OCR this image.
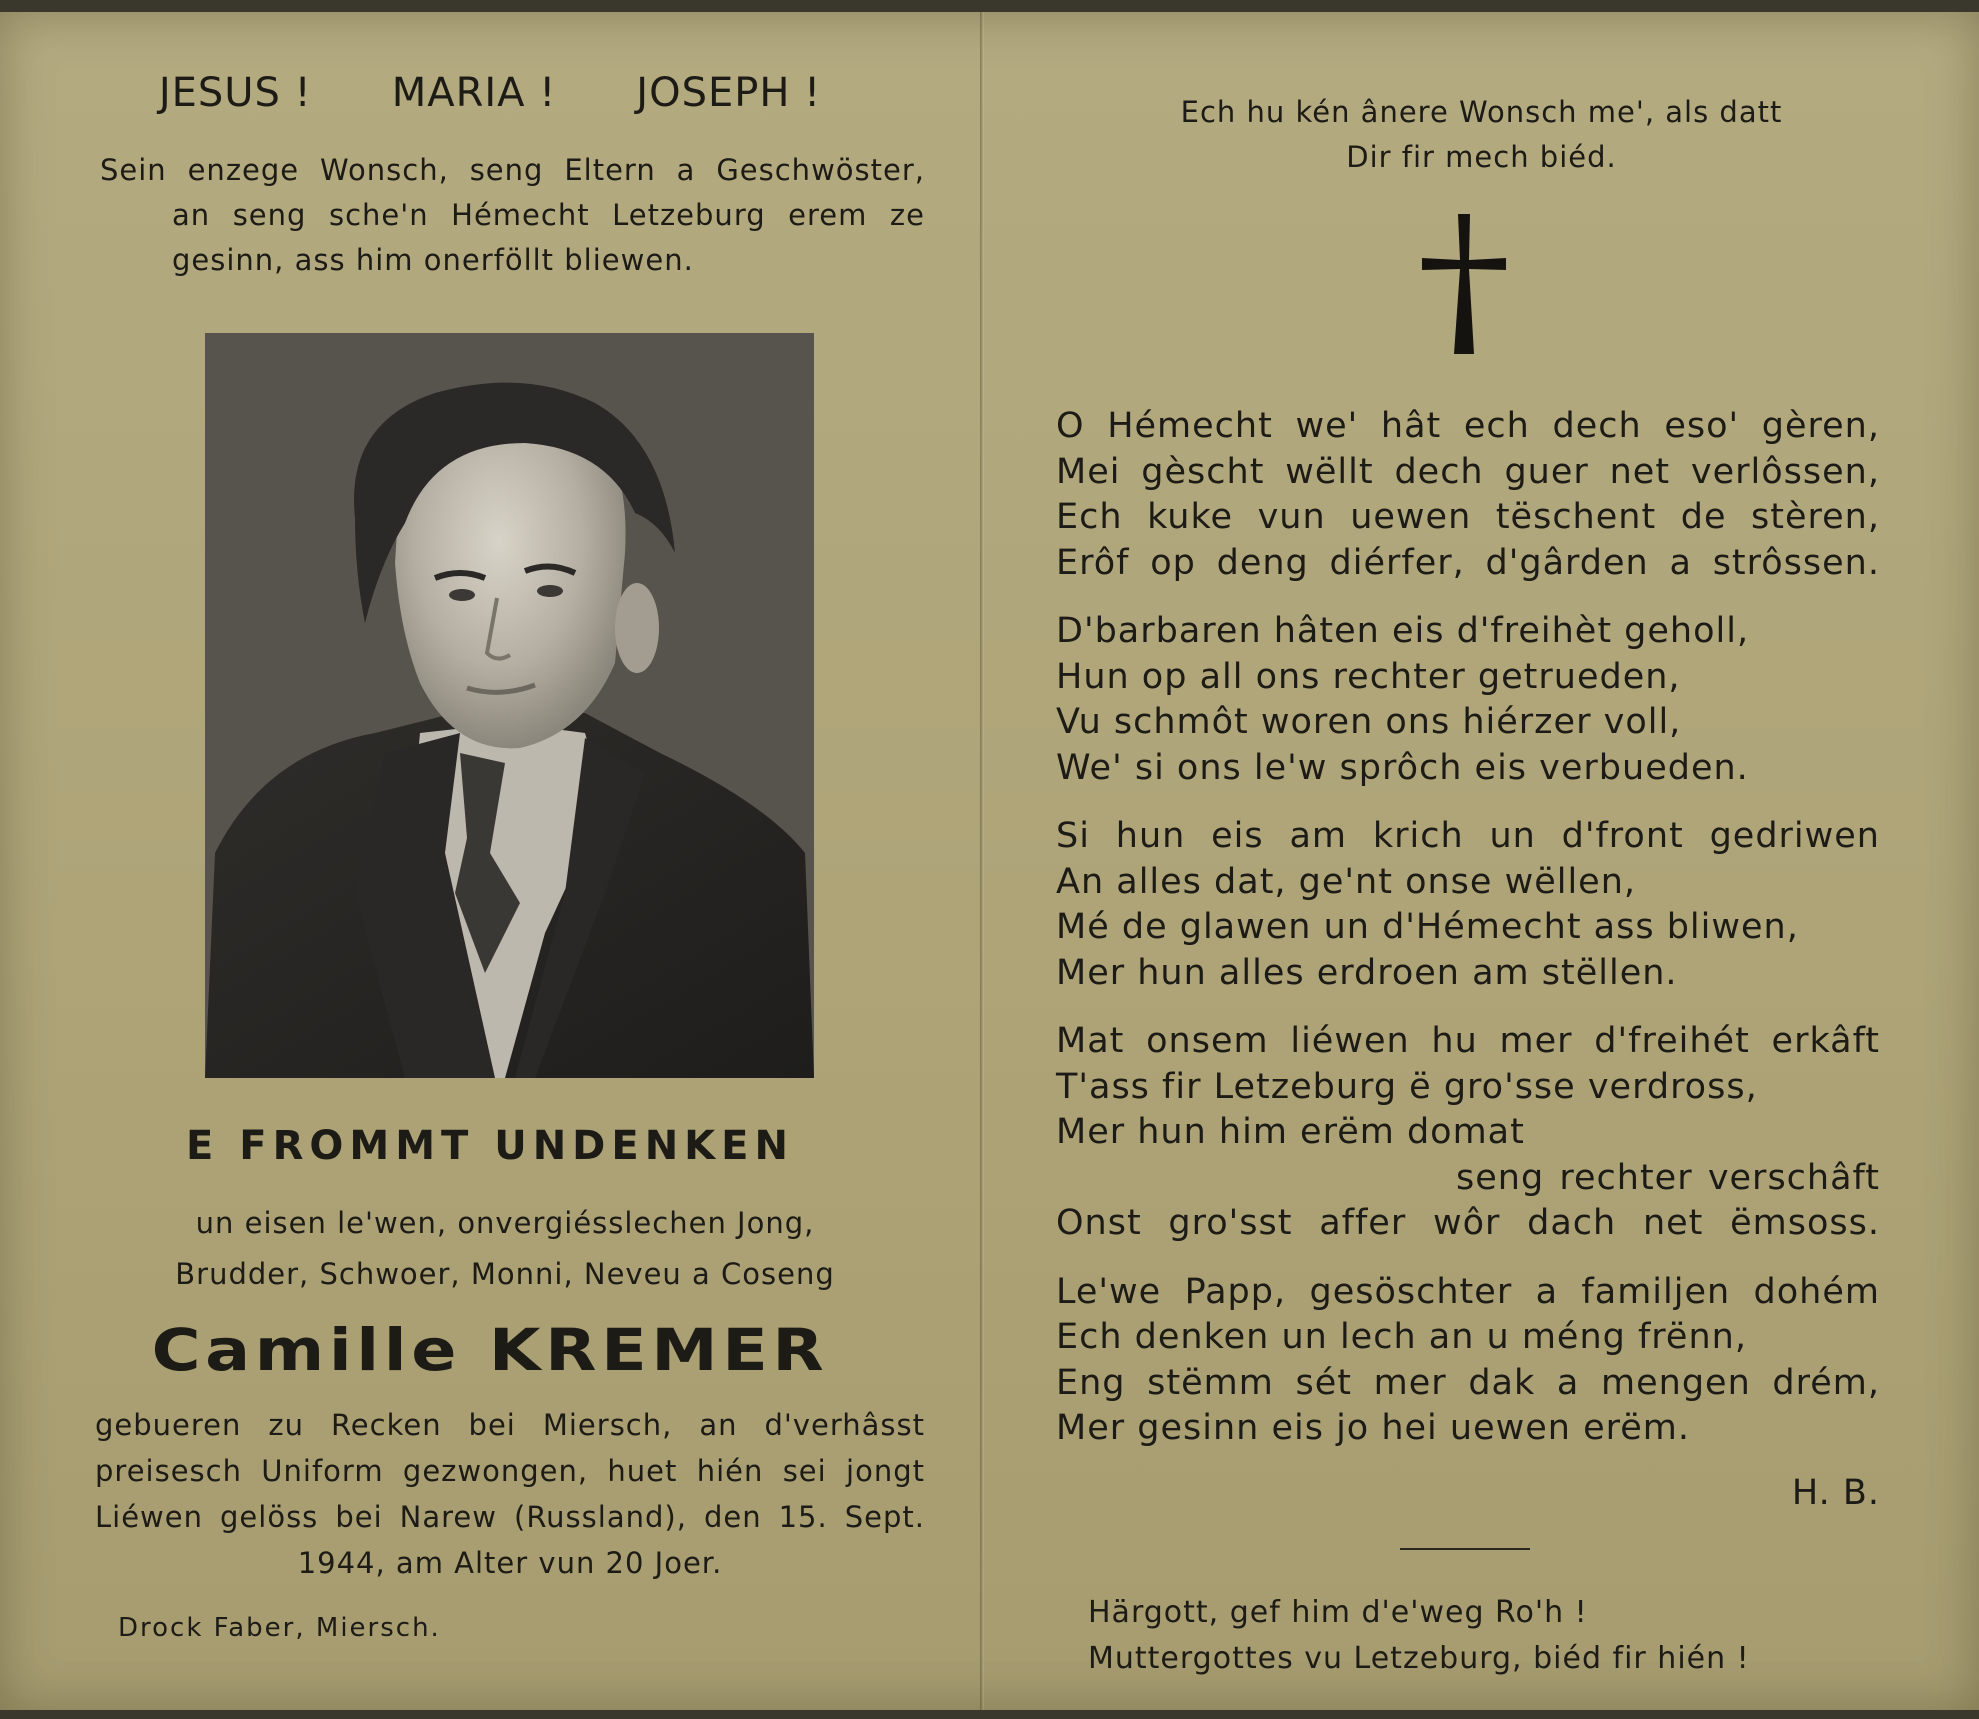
JESUS ! MARIA ! JOSEPH !
Sein enzege Wonsch, seng Eltern a Geschwöster,
an seng sche'n Hémecht Letzeburg erem ze
gesinn, ass him onerföllt bliewen.
E FROMMT UNDENKEN
un eisen le'wen, onvergiésslechen Jong,
Brudder, Schwoer, Monni, Neveu a Coseng
Camille KREMER
gebueren zu Recken bei Miersch, an d'verhâsst
preisesch Uniform gezwongen, huet hién sei jongt
Liéwen gelöss bei Narew (Russland), den 15. Sept.
1944, am Alter vun 20 Joer.
Drock Faber, Miersch.
Ech hu kén ânere Wonsch me', als datt
Dir fir mech biéd.
O Hémecht we' hât ech dech eso' gèren,
Mei gèscht wëllt dech guer net verlôssen,
Ech kuke vun uewen tëschent de stèren,
Erôf op deng diérfer, d'gârden a strôssen.
D'barbaren hâten eis d'freihèt geholl,
Hun op all ons rechter getrueden,
Vu schmôt woren ons hiérzer voll,
We' si ons le'w sprôch eis verbueden.
Si hun eis am krich un d'front gedriwen
An alles dat, ge'nt onse wëllen,
Mé de glawen un d'Hémecht ass bliwen,
Mer hun alles erdroen am stëllen.
Mat onsem liéwen hu mer d'freihét erkâft
T'ass fir Letzeburg ë gro'sse verdross,
Mer hun him erëm domat
seng rechter verschâft
Onst gro'sst affer wôr dach net ëmsoss.
Le'we Papp, gesöschter a familjen dohém
Ech denken un lech an u méng frënn,
Eng stëmm sét mer dak a mengen drém,
Mer gesinn eis jo hei uewen erëm.
H. B.
Härgott, gef him d'e'weg Ro'h !
Muttergottes vu Letzeburg, biéd fir hién !
